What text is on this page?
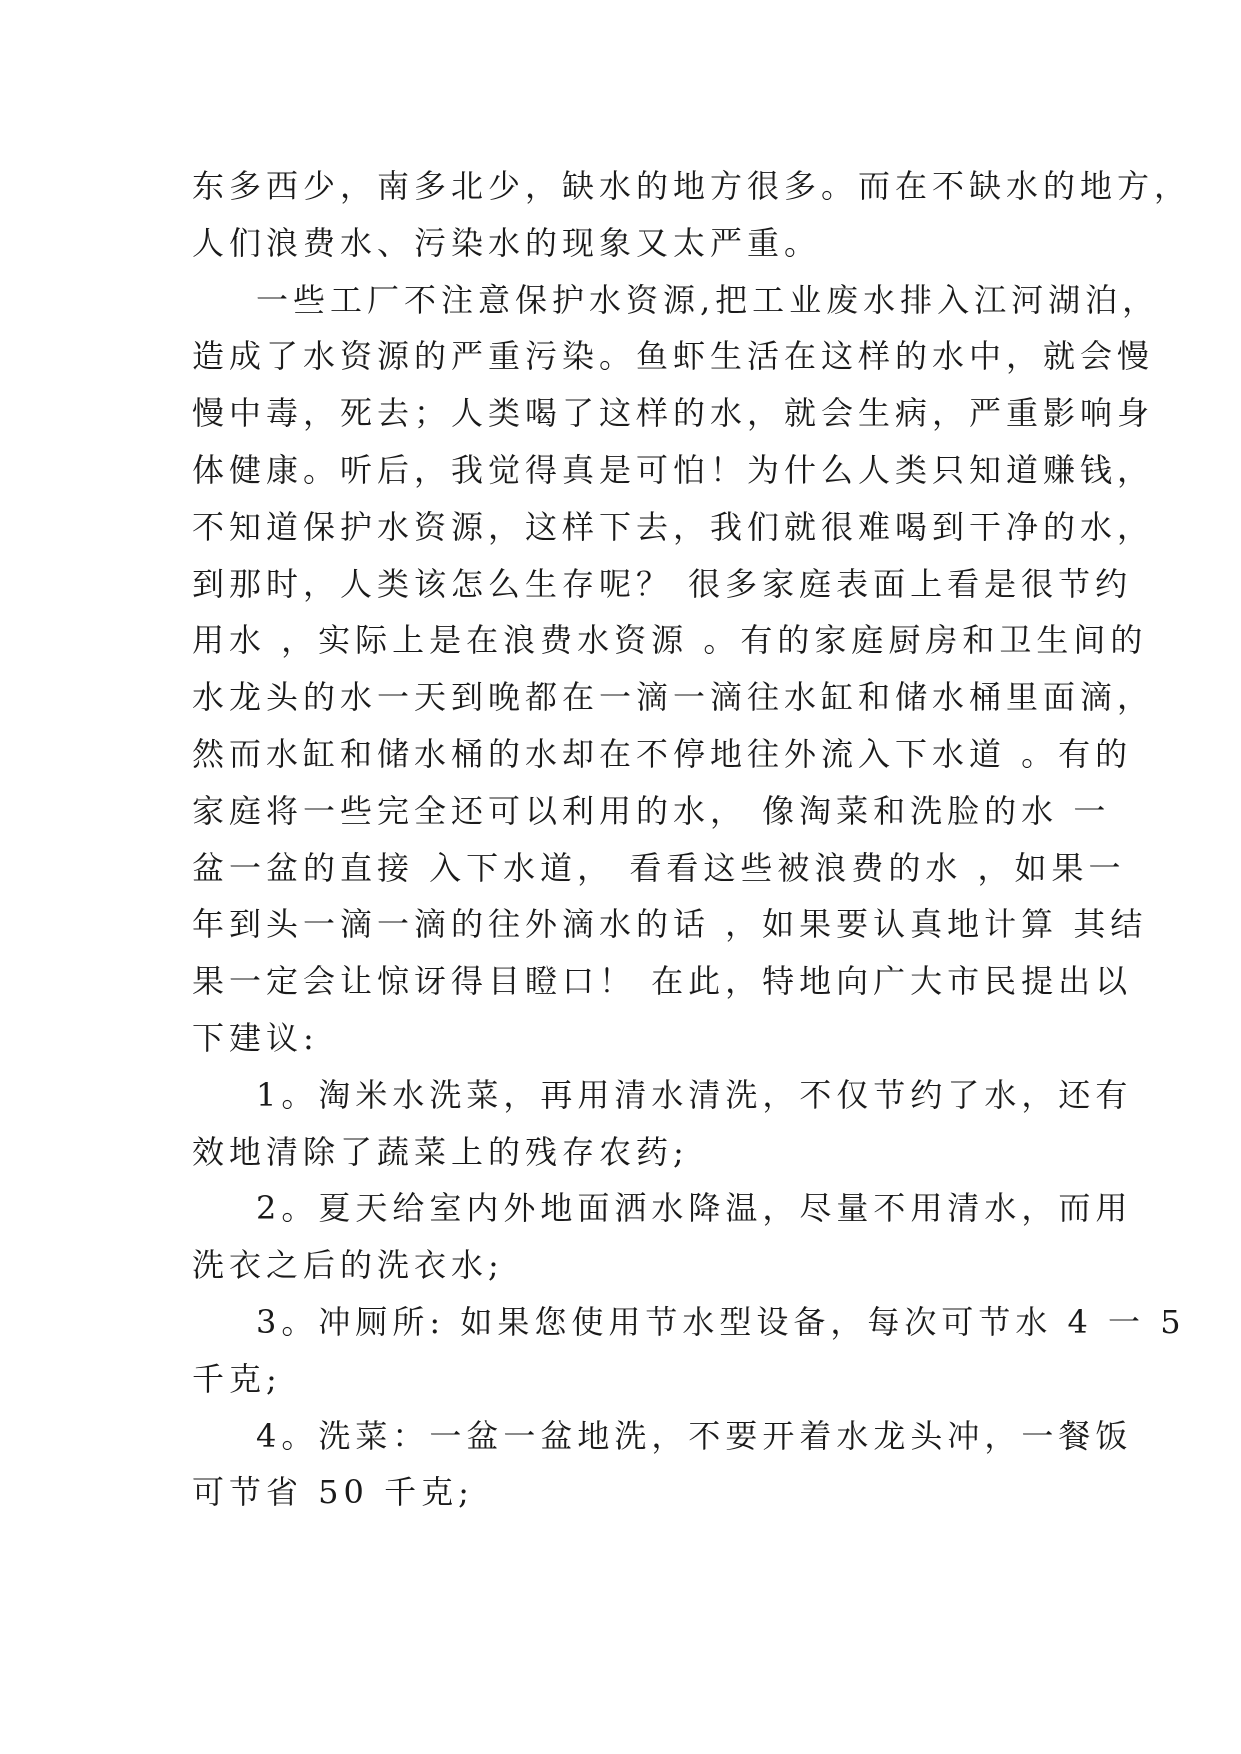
东多西少，南多北少，缺水的地方很多。而在不缺水的地方，
人们浪费水、污染水的现象又太严重。
一些工厂不注意保护水资源,把工业废水排入江河湖泊，
造成了水资源的严重污染。鱼虾生活在这样的水中，就会慢
慢中毒，死去；人类喝了这样的水，就会生病，严重影响身
体健康。听后，我觉得真是可怕！为什么人类只知道赚钱，
不知道保护水资源，这样下去，我们就很难喝到干净的水，
到那时，人类该怎么生存呢？ 很多家庭表面上看是很节约
用水 ，实际上是在浪费水资源 。有的家庭厨房和卫生间的
水龙头的水一天到晚都在一滴一滴往水缸和储水桶里面滴，
然而水缸和储水桶的水却在不停地往外流入下水道 。有的
家庭将一些完全还可以利用的水， 像淘菜和洗脸的水 一
盆一盆的直接 入下水道， 看看这些被浪费的水 ，如果一
年到头一滴一滴的往外滴水的话 ，如果要认真地计算 其结
果一定会让惊讶得目瞪口！ 在此，特地向广大市民提出以
下建议:
1。淘米水洗菜，再用清水清洗，不仅节约了水，还有
效地清除了蔬菜上的残存农药;
2。夏天给室内外地面洒水降温，尽量不用清水，而用
洗衣之后的洗衣水;
3。冲厕所: 如果您使用节水型设备，每次可节水 4 一 5
千克;
4。洗菜：一盆一盆地洗，不要开着水龙头冲，一餐饭
可节省 50 千克;
